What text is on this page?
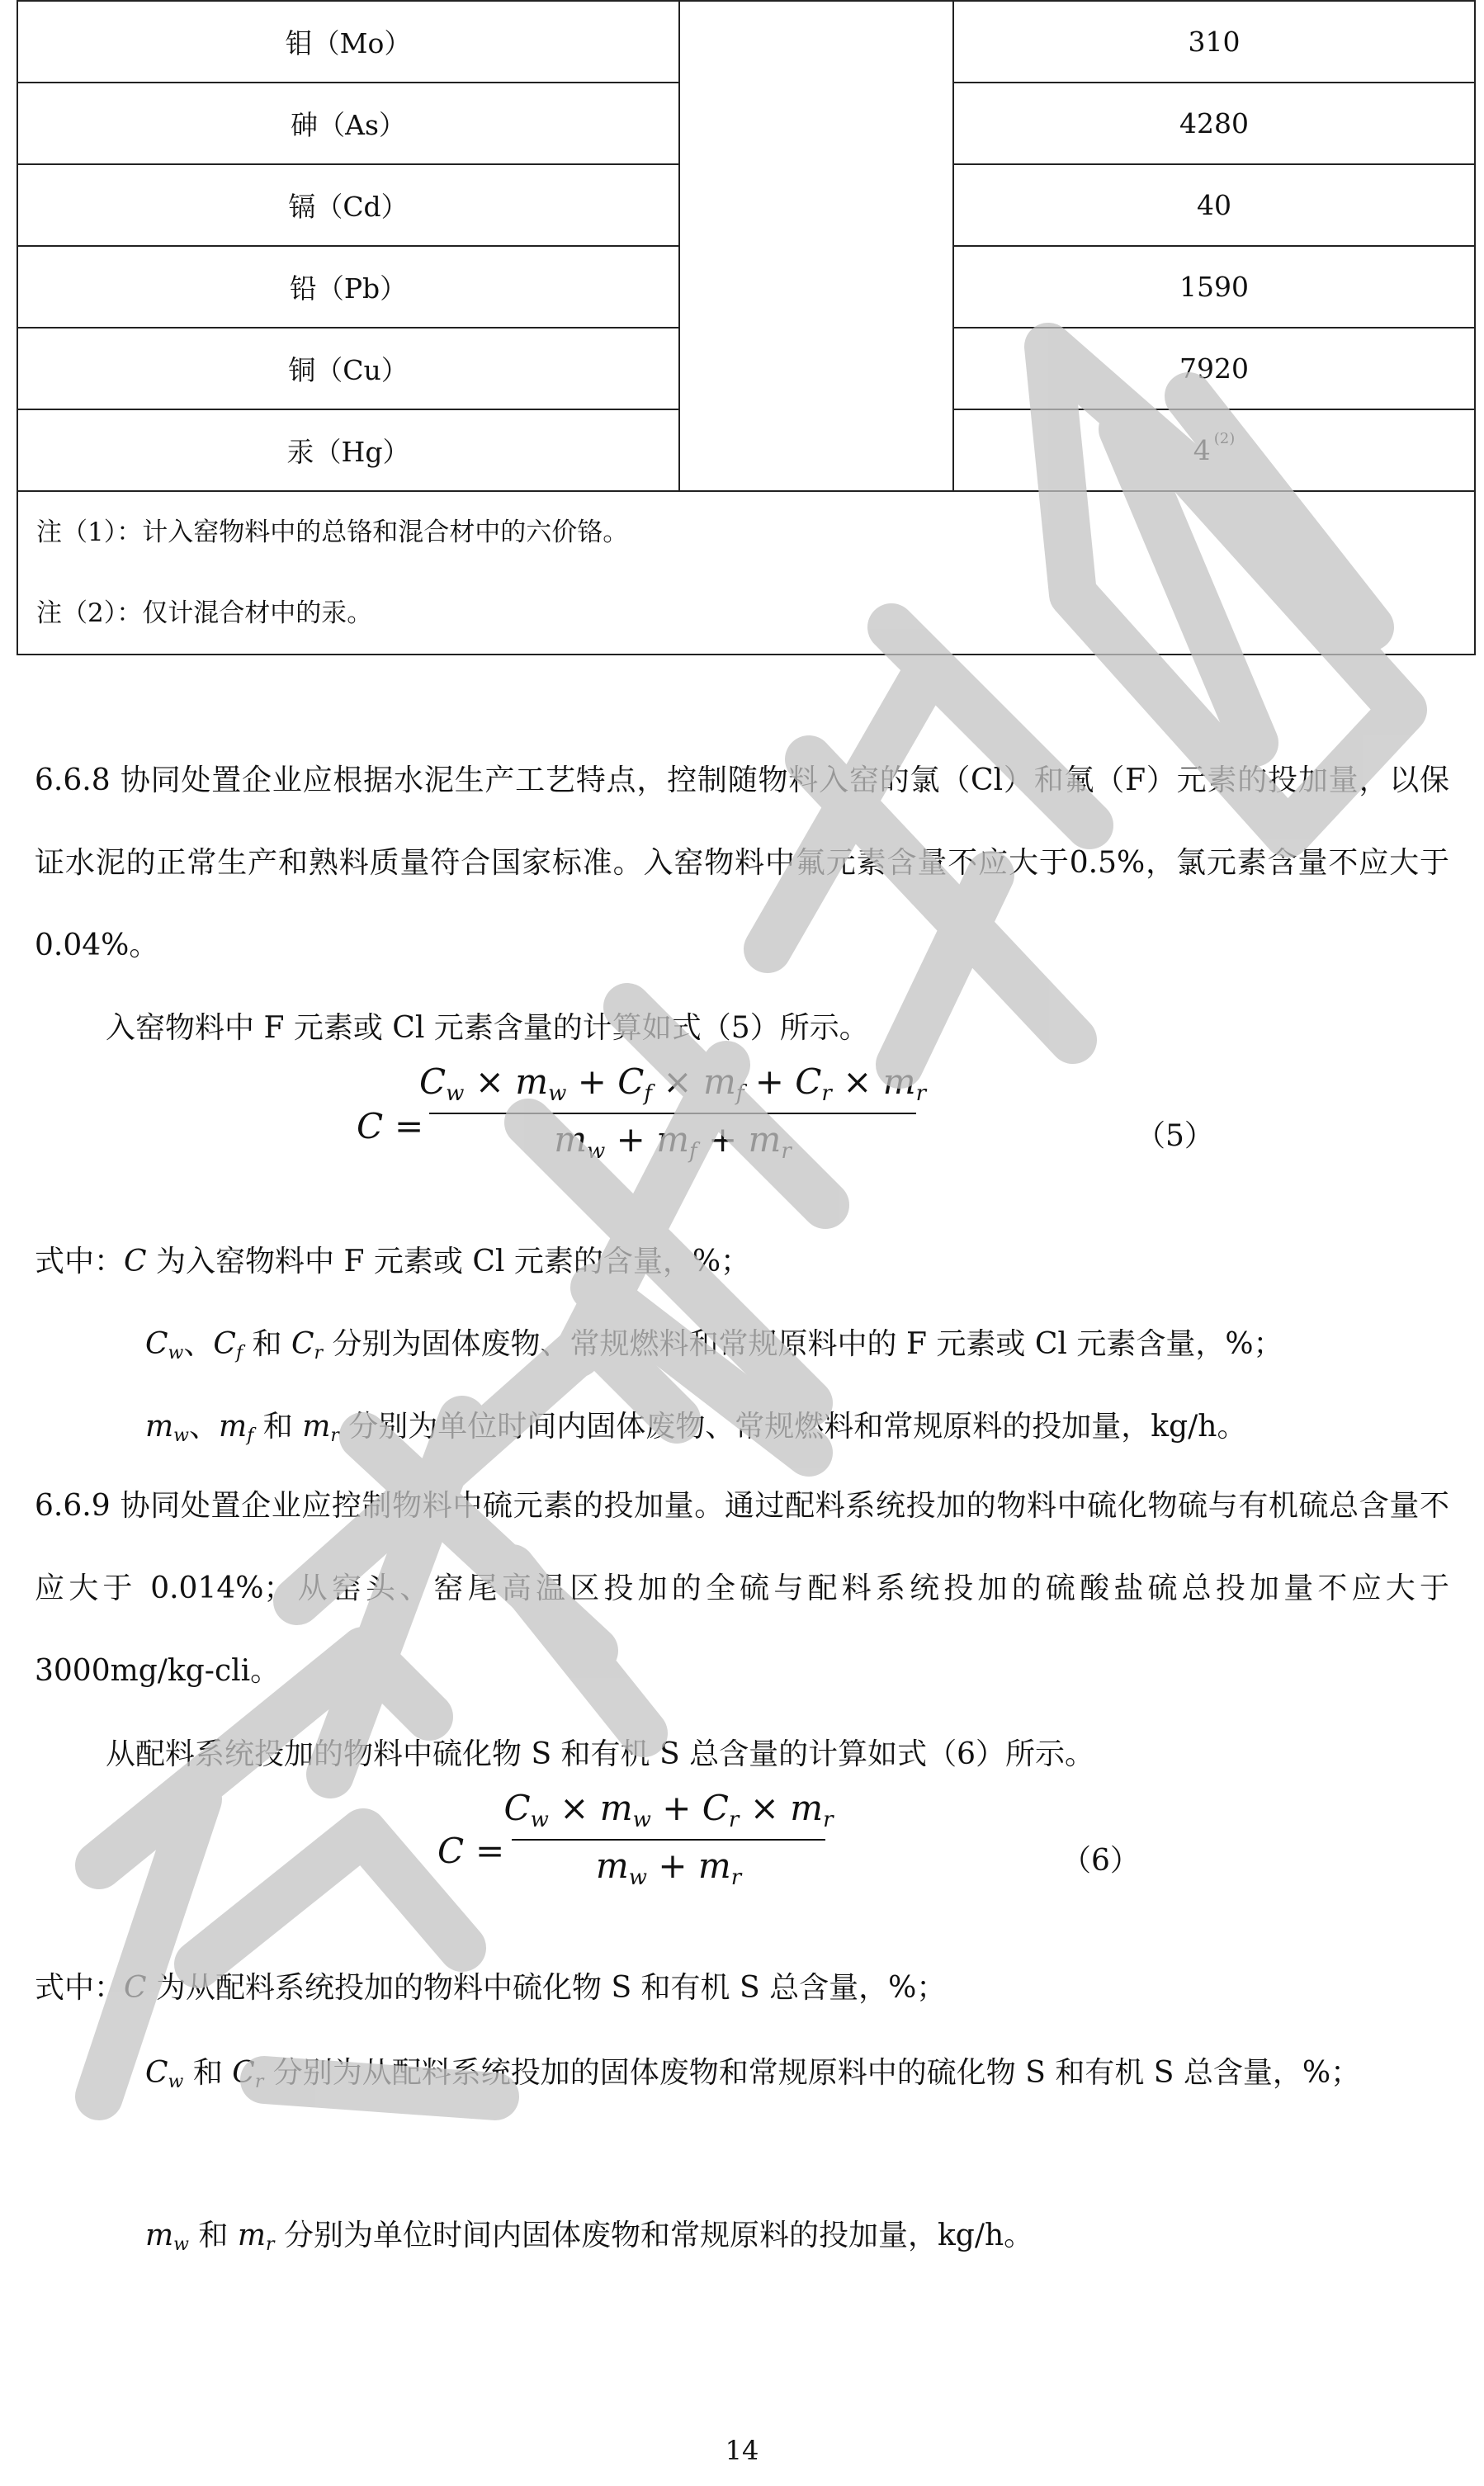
钼（Mo）		310
砷（As）		4280
镉（Cd）		40
铅（Pb）		1590
铜（Cu）		7920
汞（Hg）		4 $^{(2)}$

注（1）：计入窑物料中的总铬和混合材中的六价铬。
注（2）：仅计混合材中的汞。		

6.6.8 协同处置企业应根据水泥生产工艺特点，控制随物料入窑的氯（Cl）和氟（F）元素的投加量，以保证水泥的正常生产和熟料质量符合国家标准。入窑物料中氟元素含量不应大于0.5%，氯元素含量不应大于0.04%。

入窑物料中 F 元素或 Cl 元素含量的计算如式（5）所示。

C =
Cw × mw + Cf × mf + Cr × mr
mw + mf + mr	（5）
式中：C 为入窑物料中 F 元素或 Cl 元素的含量，%；
$C_w$、$C_f$ 和 $C_r$ 分别为固体废物、常规燃料和常规原料中的 F 元素或 Cl 元素含量，%；
$m_w$、$m_f$ 和 $m_r$ 分别为单位时间内固体废物、常规燃料和常规原料的投加量，kg/h。

6.6.9 协同处置企业应控制物料中硫元素的投加量。通过配料系统投加的物料中硫化物硫与有机硫总含量不应大于 0.014%；从窑头、窑尾高温区投加的全硫与配料系统投加的硫酸盐硫总投加量不应大于 3000mg/kg-cli。

从配料系统投加的物料中硫化物 S 和有机 S 总含量的计算如式（6）所示。

C =
Cw × mw + Cr × mr
mw + mr	（6）
式中：C 为从配料系统投加的物料中硫化物 S 和有机 S 总含量，%；
$C_w$ 和 $C_r$ 分别为从配料系统投加的固体废物和常规原料中的硫化物 S 和有机 S 总含量，%；
$m_w$ 和 $m_r$ 分别为单位时间内固体废物和常规原料的投加量，kg/h。
14
